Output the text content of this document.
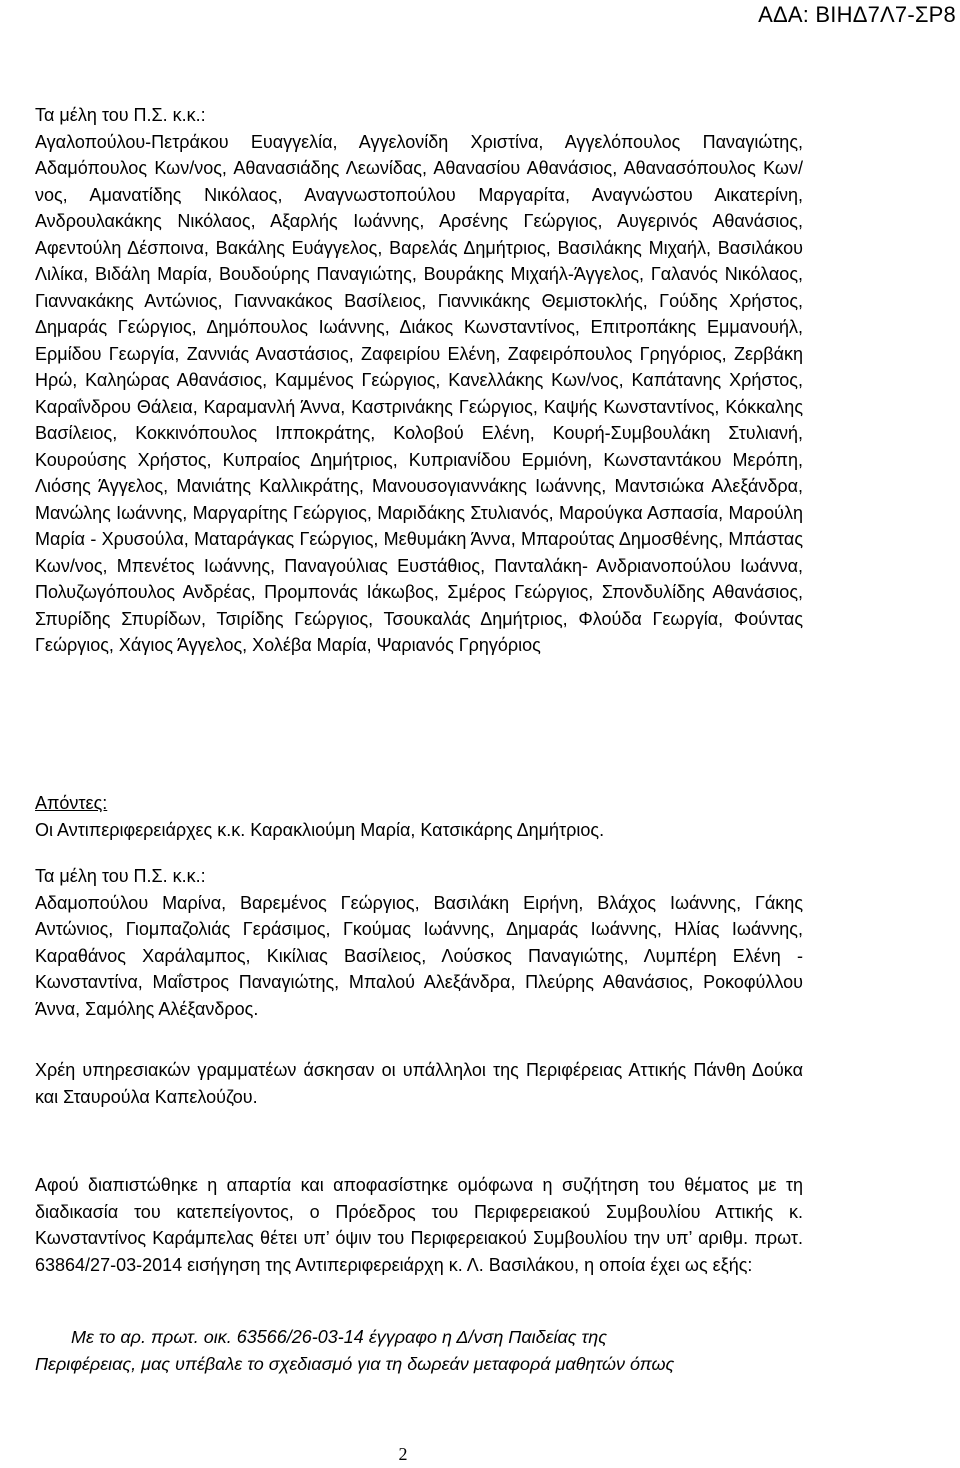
ΑΔΑ: ΒΙΗΔ7Λ7-ΣΡ8
Τα μέλη του Π.Σ. κ.κ.:
Αγαλοπούλου-Πετράκου Ευαγγελία, Αγγελονίδη Χριστίνα, Αγγελόπουλος Παναγιώτης, Αδαμόπουλος Κων/νος, Αθανασιάδης Λεωνίδας, Αθανασίου Αθανάσιος, Αθανασόπουλος Κων/νος, Αμανατίδης Νικόλαος, Αναγνωστοπούλου Μαργαρίτα, Αναγνώστου Αικατερίνη, Ανδρουλακάκης Νικόλαος, Αξαρλής Ιωάννης, Αρσένης Γεώργιος, Αυγερινός Αθανάσιος, Αφεντούλη Δέσποινα, Βακάλης Ευάγγελος, Βαρελάς Δημήτριος, Βασιλάκης Μιχαήλ, Βασιλάκου Λιλίκα, Βιδάλη Μαρία, Βουδούρης Παναγιώτης, Βουράκης Μιχαήλ-Άγγελος, Γαλανός Νικόλαος, Γιαννακάκης Αντώνιος, Γιαννακάκος Βασίλειος, Γιαννικάκης Θεμιστοκλής, Γούδης Χρήστος, Δημαράς Γεώργιος, Δημόπουλος Ιωάννης, Διάκος Κωνσταντίνος, Επιτροπάκης Εμμανουήλ, Ερμίδου Γεωργία, Ζαννιάς Αναστάσιος, Ζαφειρίου Ελένη, Ζαφειρόπουλος Γρηγόριος, Ζερβάκη Ηρώ, Καληώρας Αθανάσιος, Καμμένος Γεώργιος, Κανελλάκης Κων/νος, Καπάτανης Χρήστος, Καραΐνδρου Θάλεια, Καραμανλή Άννα, Καστρινάκης Γεώργιος, Καψής Κωνσταντίνος, Κόκκαλης Βασίλειος, Κοκκινόπουλος Ιπποκράτης, Κολοβού Ελένη, Κουρή-Συμβουλάκη Στυλιανή, Κουρούσης Χρήστος, Κυπραίος Δημήτριος, Κυπριανίδου Ερμιόνη, Κωνσταντάκου Μερόπη, Λιόσης Άγγελος, Μανιάτης Καλλικράτης, Μανουσογιαννάκης Ιωάννης, Μαντσιώκα Αλεξάνδρα, Μανώλης Ιωάννης, Μαργαρίτης Γεώργιος, Μαριδάκης Στυλιανός, Μαρούγκα Ασπασία, Μαρούλη Μαρία - Χρυσούλα, Ματαράγκας Γεώργιος, Μεθυμάκη Άννα, Μπαρούτας Δημοσθένης, Μπάστας Κων/νος, Μπενέτος Ιωάννης, Παναγούλιας Ευστάθιος, Πανταλάκη- Ανδριανοπούλου Ιωάννα, Πολυζωγόπουλος Ανδρέας, Προμπονάς Ιάκωβος, Σμέρος Γεώργιος, Σπονδυλίδης Αθανάσιος, Σπυρίδης Σπυρίδων, Τσιρίδης Γεώργιος, Τσουκαλάς Δημήτριος, Φλούδα Γεωργία, Φούντας Γεώργιος, Χάγιος Άγγελος, Χολέβα Μαρία, Ψαριανός Γρηγόριος
Απόντες:
Οι Αντιπεριφερειάρχες κ.κ. Καρακλιούμη Μαρία, Κατσικάρης Δημήτριος.
Τα μέλη του Π.Σ. κ.κ.:
Αδαμοπούλου Μαρίνα, Βαρεμένος Γεώργιος, Βασιλάκη Ειρήνη, Βλάχος Ιωάννης, Γάκης Αντώνιος, Γιομπαζολιάς Γεράσιμος, Γκούμας Ιωάννης, Δημαράς Ιωάννης, Ηλίας Ιωάννης, Καραθάνος Χαράλαμπος, Κικίλιας Βασίλειος, Λούσκος Παναγιώτης, Λυμπέρη Ελένη - Κωνσταντίνα, Μαΐστρος Παναγιώτης, Μπαλού Αλεξάνδρα, Πλεύρης Αθανάσιος, Ροκοφύλλου Άννα, Σαμόλης Αλέξανδρος.
Χρέη υπηρεσιακών γραμματέων άσκησαν οι υπάλληλοι της Περιφέρειας Αττικής Πάνθη Δούκα και Σταυρούλα Καπελούζου.
Αφού διαπιστώθηκε η απαρτία και αποφασίστηκε ομόφωνα η συζήτηση του θέματος με τη διαδικασία του κατεπείγοντος, ο Πρόεδρος του Περιφερειακού Συμβουλίου Αττικής κ. Κωνσταντίνος Καράμπελας θέτει υπ’ όψιν του Περιφερειακού Συμβουλίου την υπ’ αριθμ. πρωτ. 63864/27-03-2014 εισήγηση της Αντιπεριφερειάρχη κ. Λ. Βασιλάκου, η οποία έχει ως εξής:
Με το αρ. πρωτ. οικ. 63566/26-03-14 έγγραφο η Δ/νση Παιδείας της
Περιφέρειας, μας υπέβαλε το σχεδιασμό για τη δωρεάν μεταφορά μαθητών όπως
2
